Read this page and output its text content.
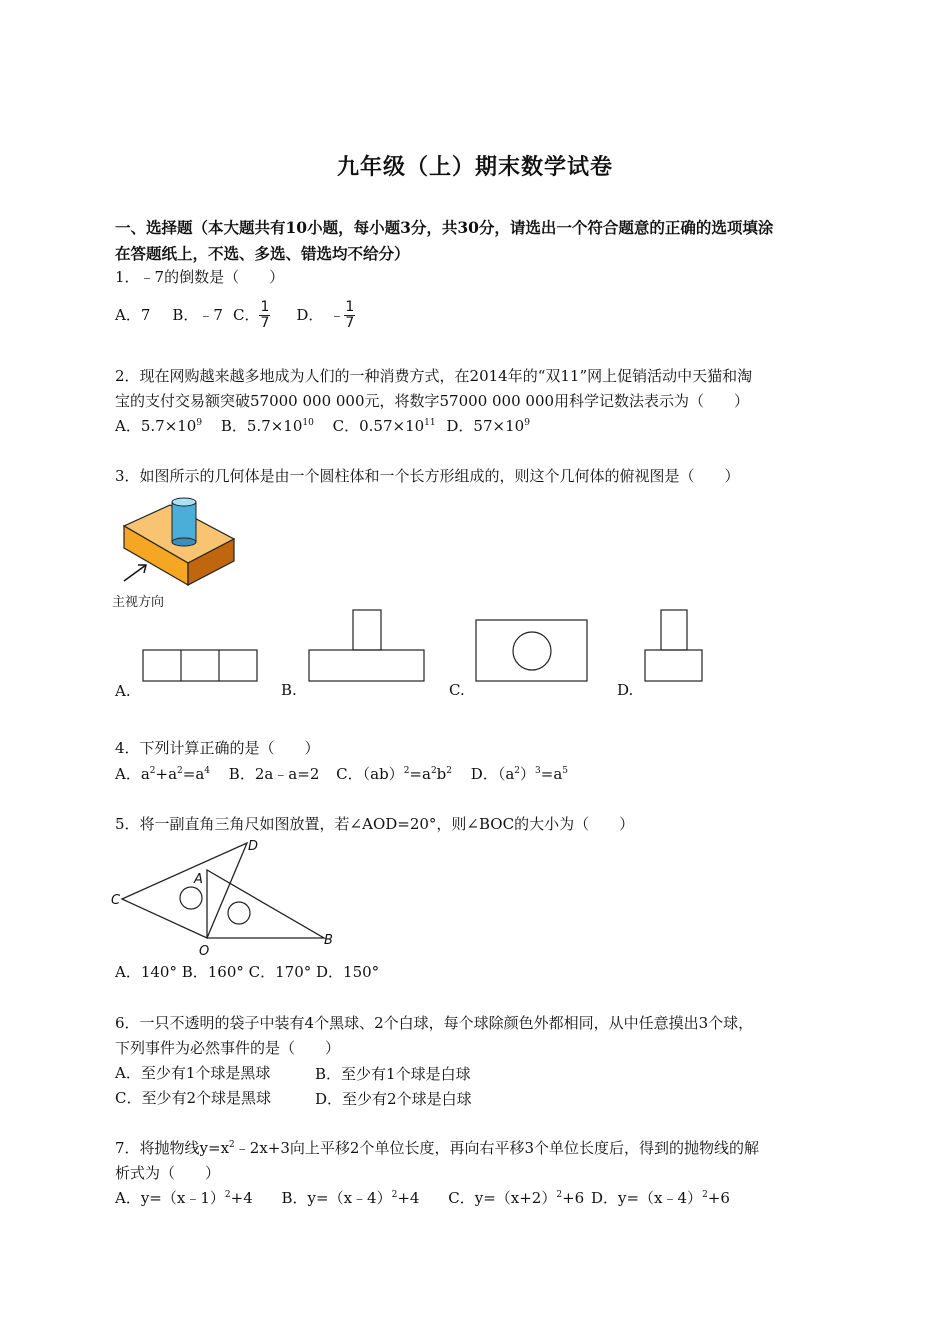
九年级（上）期末数学试卷
一、选择题（本大题共有10小题，每小题3分，共30分，请选出一个符合题意的正确的选项填涂
在答题纸上，不选、多选、错选均不给分）
1．﹣7的倒数是（　　）
A．7 B．﹣7 C． $\frac{1}{7}$ D． ﹣ $\frac{1}{7}$
2．现在网购越来越多地成为人们的一种消费方式，在2014年的“双11”网上促销活动中天猫和淘
宝的支付交易额突破57000 000 000元，将数字57000 000 000用科学记数法表示为（　　）
A．$5.7\times 10^9$ B．$5.7\times 10^{10}$ C．$0.57\times 10^{11}$ D．$57\times 10^9$
3．如图所示的几何体是由一个圆柱体和一个长方形组成的，则这个几何体的俯视图是（　　）
主视方向
A.	B.	C.	D.
4．下列计算正确的是（　　）
A．$a^2+a^2=a^4$ B．2a﹣a=2 C．$(ab)^2=a^2b^2$ D．$(a^2)^3=a^5$
5．将一副直角三角尺如图放置，若∠AOD=20°，则∠BOC的大小为（　　）
C
A
D
O
B
A．140° B．160° C．170° D．150°
6．一只不透明的袋子中装有4个黑球、2个白球，每个球除颜色外都相同，从中任意摸出3个球，
下列事件为必然事件的是（　　）
A．至少有1个球是黑球	B．至少有1个球是白球
C．至少有2个球是黑球	D．至少有2个球是白球
7．将抛物线$y=x^2﹣2x+3$向上平移2个单位长度，再向右平移3个单位长度后，得到的抛物线的解
析式为（　　）
A．y=（x﹣1）$^2$+4 B．y=（x﹣4）$^2$+4 C．$y=(x+2)^2+6$ D．y=（x﹣4）$^2$+6
